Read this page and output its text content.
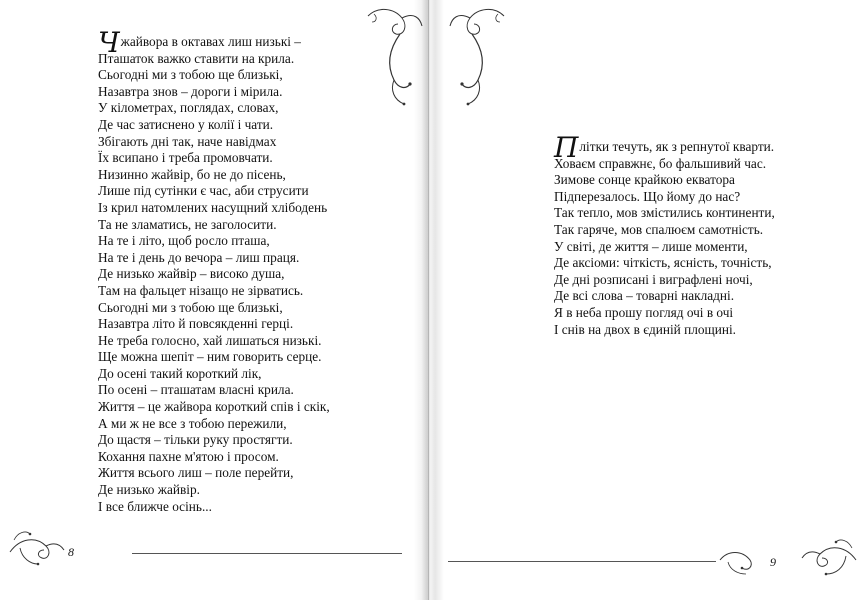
Чжайвора в октавах лиш низькі –
Пташаток важко ставити на крила.
Сьогодні ми з тобою ще близькі,
Назавтра знов – дороги і мірила.
У кілометрах, поглядах, словах,
Де час затиснено у колії і чати.
Збігають дні так, наче навідмах
Їх всипано і треба промовчати.
Низинно жайвір, бо не до пісень,
Лише під сутінки є час, аби струсити
Із крил натомлених насущний хлібодень
Та не зламатись, не заголосити.
На те і літо, щоб росло пташа,
На те і день до вечора – лиш праця.
Де низько жайвір – високо душа,
Там на фальцет нізащо не зірватись.
Сьогодні ми з тобою ще близькі,
Назавтра літо й повсякденні герці.
Не треба голосно, хай лишаться низькі.
Ще можна шепіт – ним говорить серце.
До осені такий короткий лік,
По осені – пташатам власні крила.
Життя – це жайвора короткий спів і скік,
А ми ж не все з тобою пережили,
До щастя – тільки руку простягти.
Кохання пахне м'ятою і просом.
Життя всього лиш – поле перейти,
Де низько жайвір.
І все ближче осінь...
Плітки течуть, як з репнутої кварти.
Ховаєм справжнє, бо фальшивий час.
Зимове сонце крайкою екватора
Підперезалось. Що йому до нас?
Так тепло, мов змістились континенти,
Так гаряче, мов спалюєм самотність.
У світі, де життя – лише моменти,
Де аксіоми: чіткість, ясність, точність,
Де дні розписані і виграфлені ночі,
Де всі слова – товарні накладні.
Я в неба прошу погляд очі в очі
І снів на двох в єдиній площині.
8
9
